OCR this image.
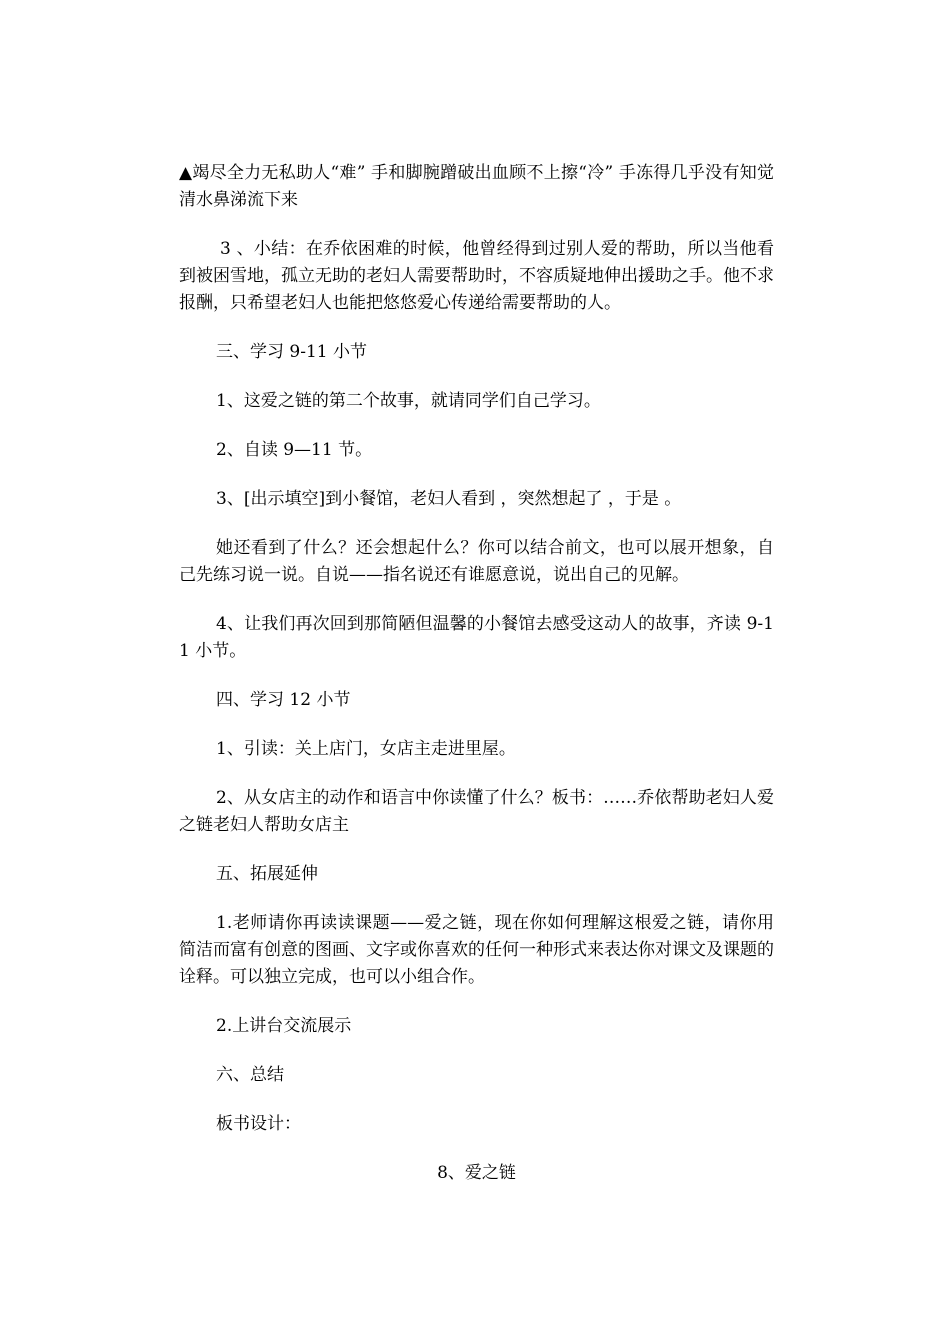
▲竭尽全力无私助人“难” 手和脚腕蹭破出血顾不上擦“冷” 手冻得几乎没有知觉清水鼻涕流下来

3 、小结：在乔依困难的时候，他曾经得到过别人爱的帮助，所以当他看到被困雪地，孤立无助的老妇人需要帮助时，不容质疑地伸出援助之手。他不求报酬，只希望老妇人也能把悠悠爱心传递给需要帮助的人。

三、学习 9-11 小节

1、这爱之链的第二个故事，就请同学们自己学习。

2、自读 9—11 节。

3、[出示填空]到小餐馆，老妇人看到 ，突然想起了 ，于是 。

她还看到了什么？还会想起什么？你可以结合前文，也可以展开想象，自己先练习说一说。自说——指名说还有谁愿意说，说出自己的见解。

4、让我们再次回到那简陋但温馨的小餐馆去感受这动人的故事，齐读 9-11 小节。

四、学习 12 小节

1、引读：关上店门，女店主走进里屋。

2、从女店主的动作和语言中你读懂了什么？板书：……乔依帮助老妇人爱之链老妇人帮助女店主

五、拓展延伸

1.老师请你再读读课题——爱之链，现在你如何理解这根爱之链，请你用简洁而富有创意的图画、文字或你喜欢的任何一种形式来表达你对课文及课题的诠释。可以独立完成，也可以小组合作。

2.上讲台交流展示

六、总结

板书设计：

8、爱之链
